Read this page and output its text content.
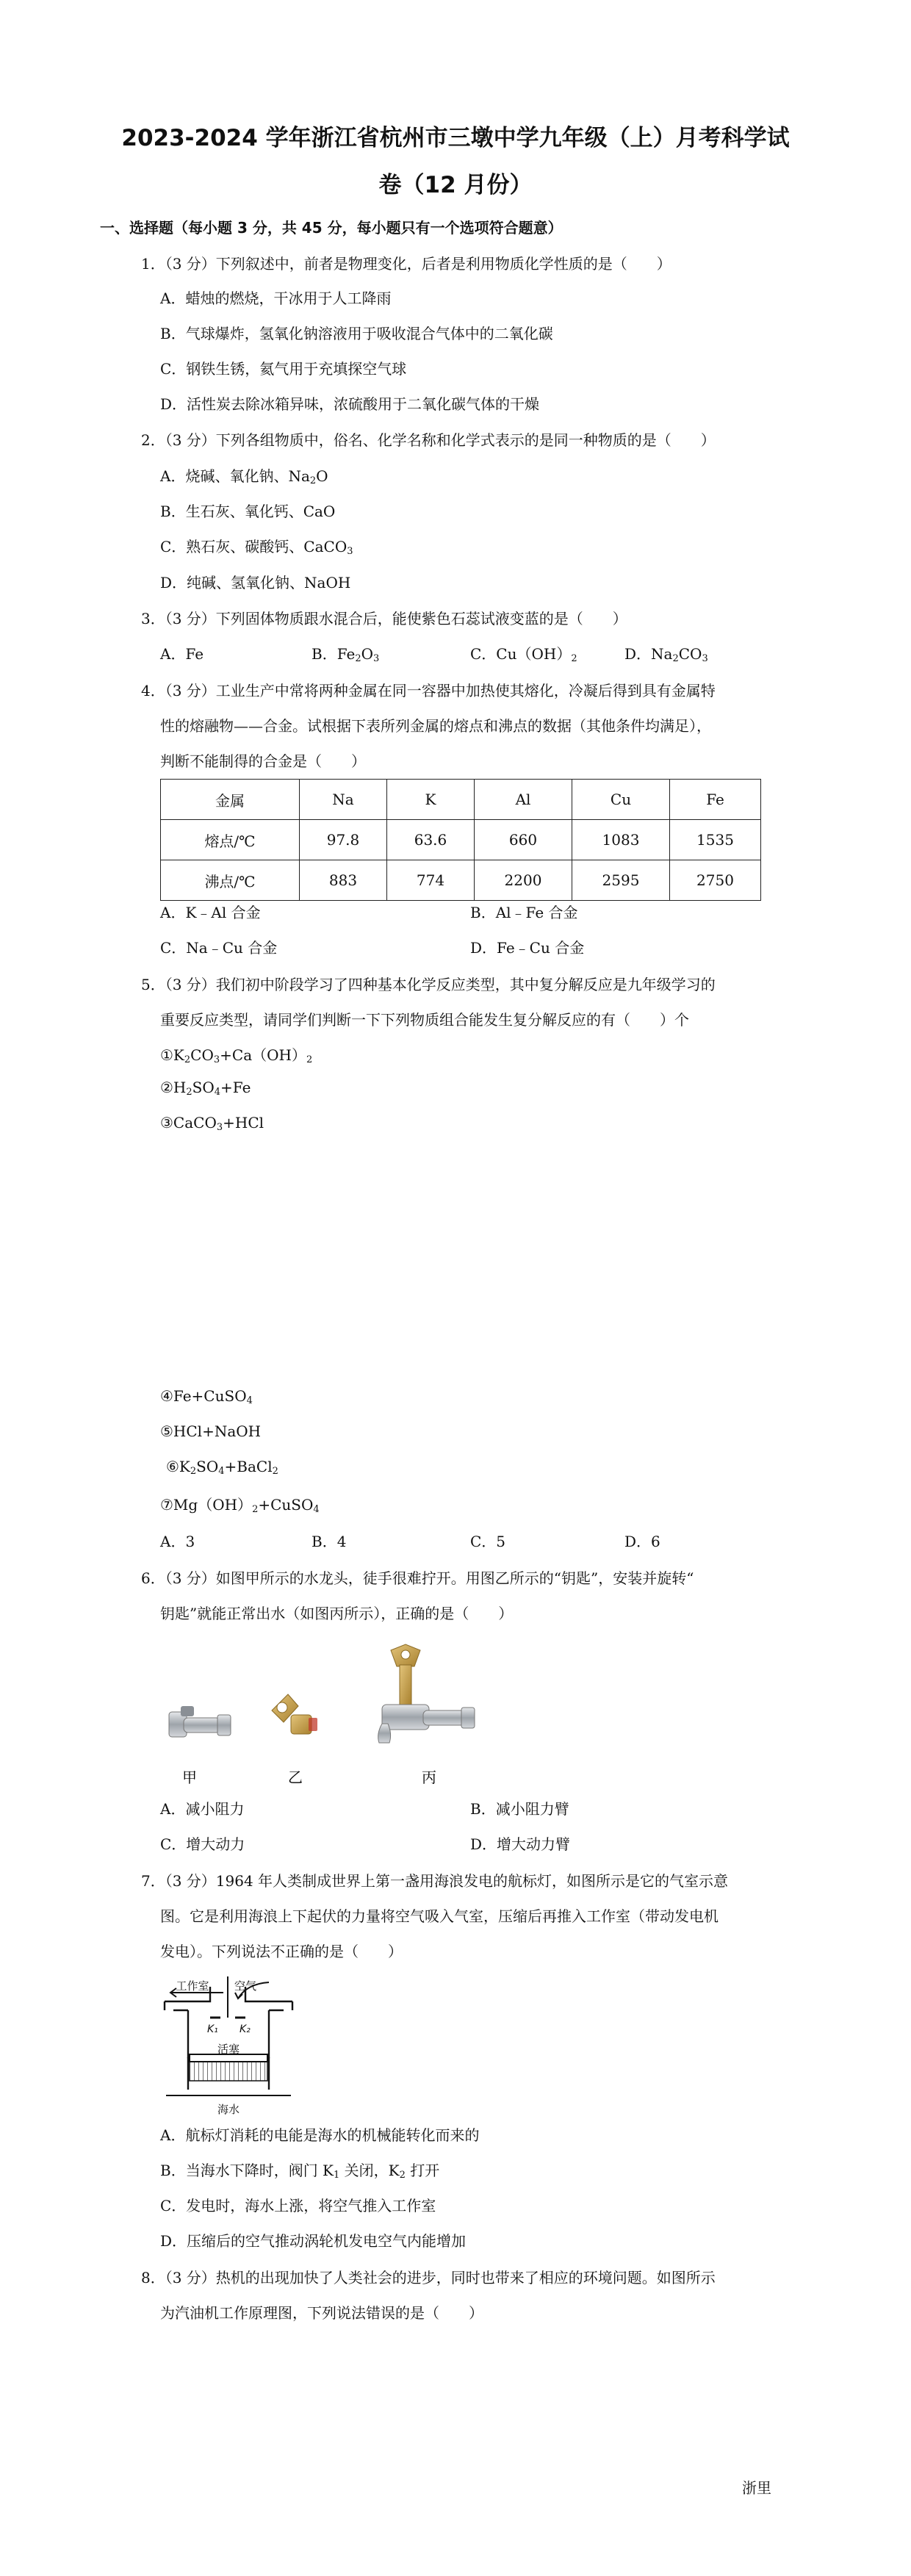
2023-2024 学年浙江省杭州市三墩中学九年级（上）月考科学试
卷（12 月份）
一、选择题（每小题 3 分，共 45 分，每小题只有一个选项符合题意）
1．（3 分）下列叙述中，前者是物理变化，后者是利用物质化学性质的是（　　）
A．蜡烛的燃烧，干冰用于人工降雨
B．气球爆炸，氢氧化钠溶液用于吸收混合气体中的二氧化碳
C．钢铁生锈，氦气用于充填探空气球
D．活性炭去除冰箱异味，浓硫酸用于二氧化碳气体的干燥
2．（3 分）下列各组物质中，俗名、化学名称和化学式表示的是同一种物质的是（　　）
A．烧碱、氧化钠、$Na_2O$
B．生石灰、氧化钙、CaO
C．熟石灰、碳酸钙、CaCO$_3$
D．纯碱、氢氧化钠、NaOH
3．（3 分）下列固体物质跟水混合后，能使紫色石蕊试液变蓝的是（　　）
A．Fe	B．$Fe_2O_3$	C．$Cu(OH)_2$	D．$Na_2CO_3$
4．（3 分）工业生产中常将两种金属在同一容器中加热使其熔化，冷凝后得到具有金属特
性的熔融物——合金。试根据下表所列金属的熔点和沸点的数据（其他条件均满足），
判断不能制得的合金是（　　）
金属	Na	K	Al	Cu	Fe
熔点/℃	97.8	63.6	660	1083	1535
沸点/℃	883	774	2200	2595	2750
A．K﹣Al 合金	B．Al﹣Fe 合金
C．Na﹣Cu 合金	D．Fe﹣Cu 合金
5．（3 分）我们初中阶段学习了四种基本化学反应类型，其中复分解反应是九年级学习的
重要反应类型，请同学们判断一下下列物质组合能发生复分解反应的有（　　）个
$①K_2CO_3+Ca(OH)_2$
$②H_2SO_4+Fe$
③CaCO$_3$+HCl
④Fe+CuSO$_4$
⑤HCl+NaOH
$⑥K_2SO_4+BaCl_2$
$⑦Mg(OH)_2+CuSO_4$
A．3	B．4	C．5	D．6
6．（3 分）如图甲所示的水龙头，徒手很难拧开。用图乙所示的“钥匙”，安装并旋转“
钥匙”就能正常出水（如图丙所示），正确的是（　　）
甲	乙	丙
A．减小阻力	B．减小阻力臂
C．增大动力	D．增大动力臂
7．（3 分）1964 年人类制成世界上第一盏用海浪发电的航标灯，如图所示是它的气室示意
图。它是利用海浪上下起伏的力量将空气吸入气室，压缩后再推入工作室（带动发电机
发电）。下列说法不正确的是（　　）
工作室 空气
K₁ K₂
活塞
海水
A．航标灯消耗的电能是海水的机械能转化而来的
B．当海水下降时，阀门 $K_1$ 关闭，$K_2$ 打开
C．发电时，海水上涨，将空气推入工作室
D．压缩后的空气推动涡轮机发电空气内能增加
8．（3 分）热机的出现加快了人类社会的进步，同时也带来了相应的环境问题。如图所示
为汽油机工作原理图，下列说法错误的是（　　）
浙里
